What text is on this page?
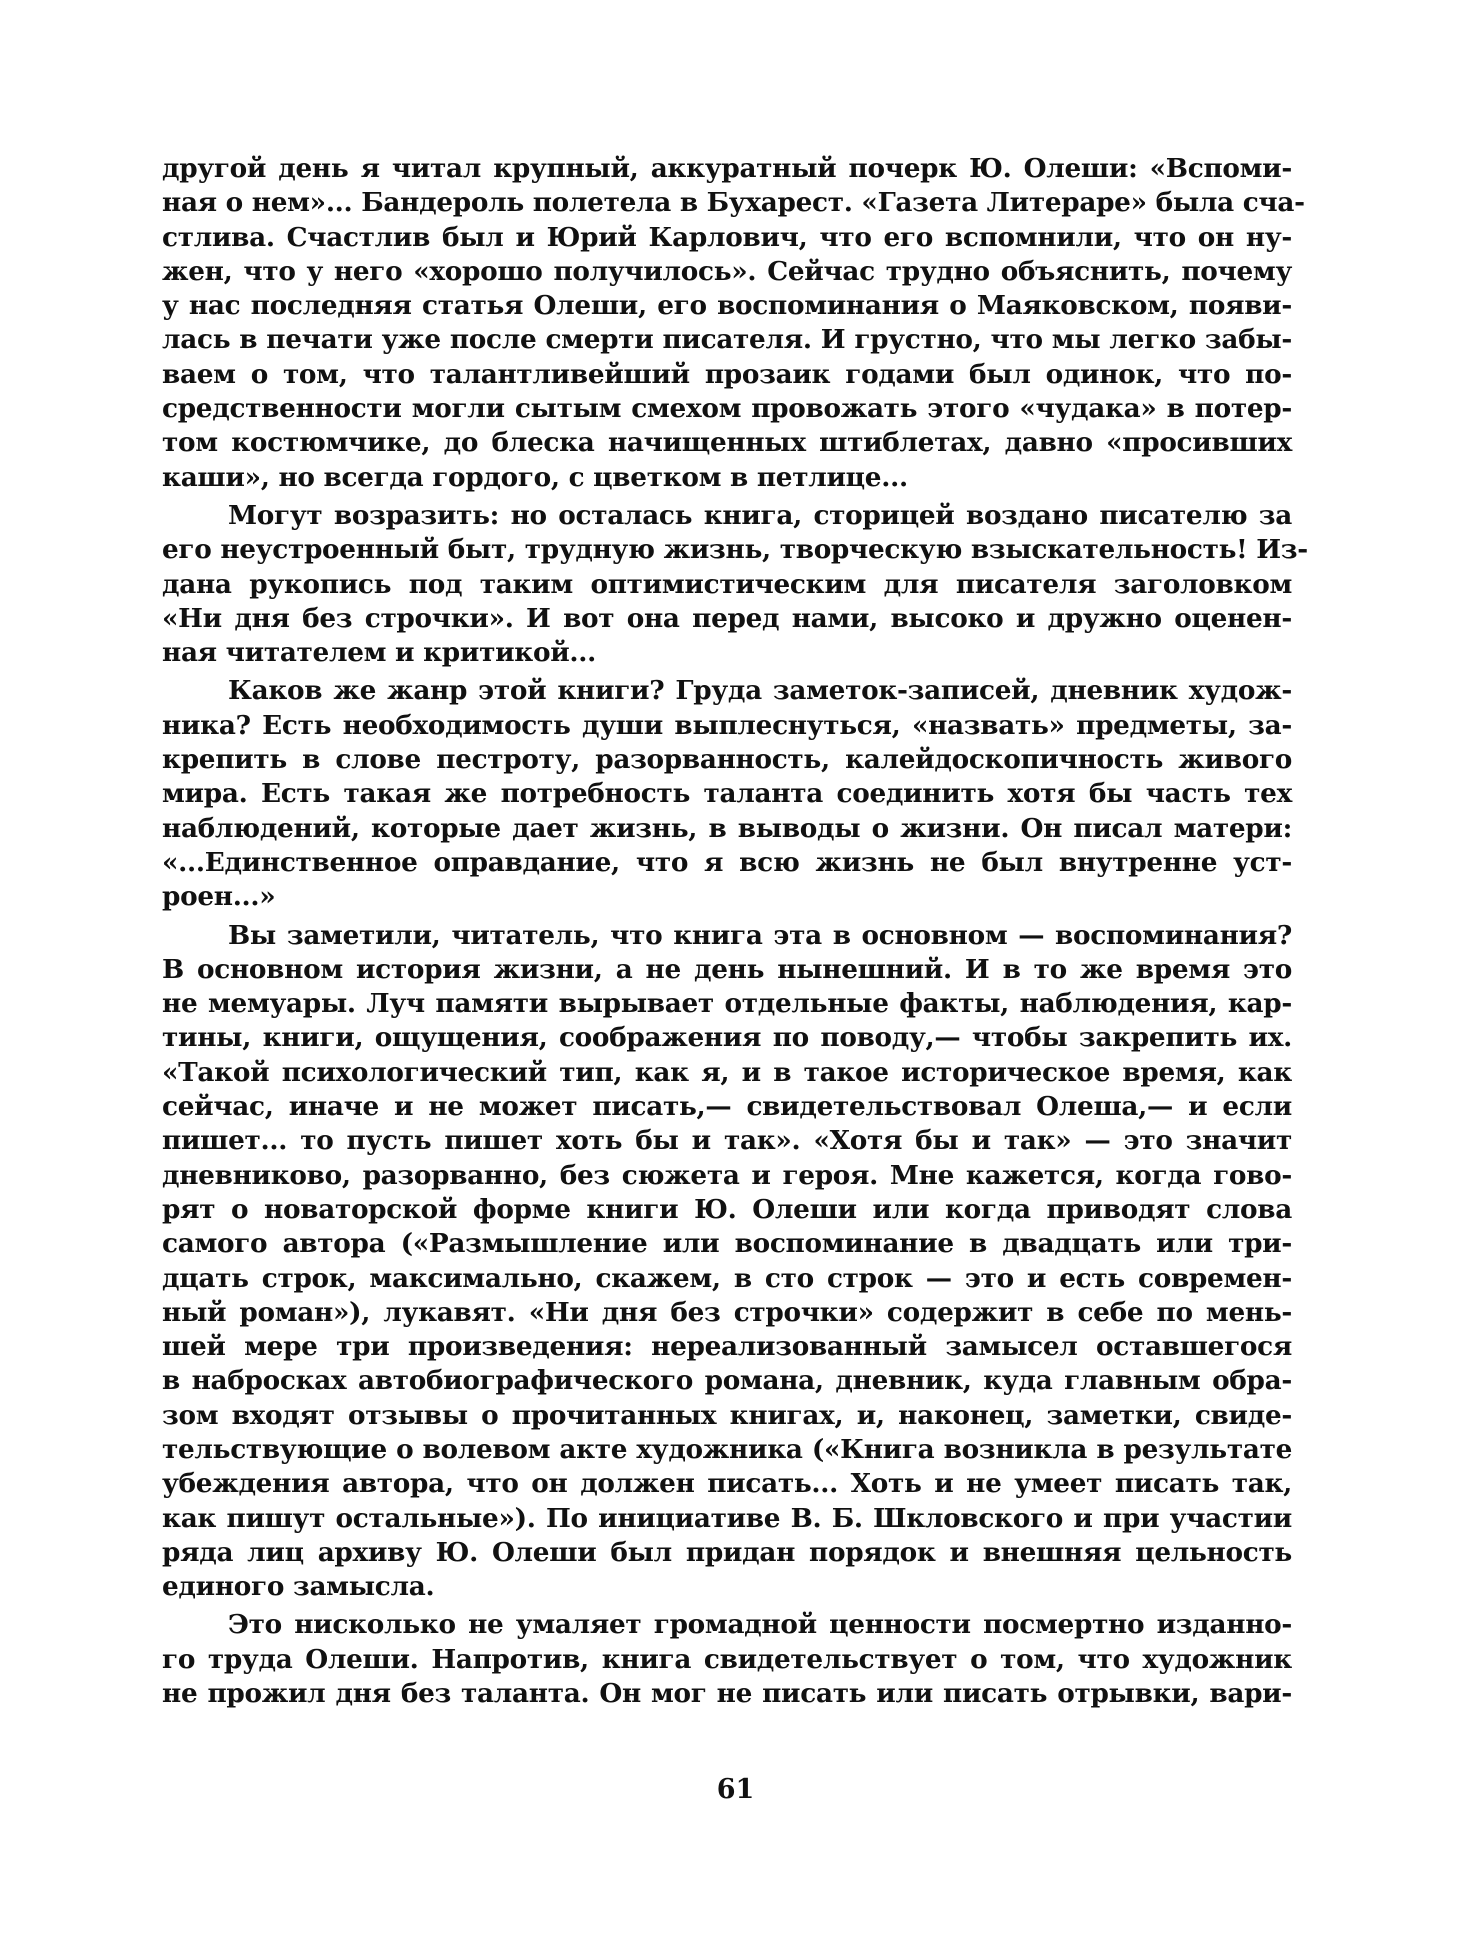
другой день я читал крупный, аккуратный почерк Ю. Олеши: «Вспоми-
ная о нем»... Бандероль полетела в Бухарест. «Газета Литераре» была сча-
стлива. Счастлив был и Юрий Карлович, что его вспомнили, что он ну-
жен, что у него «хорошо получилось». Сейчас трудно объяснить, почему
у нас последняя статья Олеши, его воспоминания о Маяковском, появи-
лась в печати уже после смерти писателя. И грустно, что мы легко забы-
ваем о том, что талантливейший прозаик годами был одинок, что по-
средственности могли сытым смехом провожать этого «чудака» в потер-
том костюмчике, до блеска начищенных штиблетах, давно «просивших
каши», но всегда гордого, с цветком в петлице...
Могут возразить: но осталась книга, сторицей воздано писателю за
его неустроенный быт, трудную жизнь, творческую взыскательность! Из-
дана рукопись под таким оптимистическим для писателя заголовком
«Ни дня без строчки». И вот она перед нами, высоко и дружно оценен-
ная читателем и критикой...
Каков же жанр этой книги? Груда заметок-записей, дневник худож-
ника? Есть необходимость души выплеснуться, «назвать» предметы, за-
крепить в слове пестроту, разорванность, калейдоскопичность живого
мира. Есть такая же потребность таланта соединить хотя бы часть тех
наблюдений, которые дает жизнь, в выводы о жизни. Он писал матери:
«...Единственное оправдание, что я всю жизнь не был внутренне уст-
роен...»
Вы заметили, читатель, что книга эта в основном — воспоминания?
В основном история жизни, а не день нынешний. И в то же время это
не мемуары. Луч памяти вырывает отдельные факты, наблюдения, кар-
тины, книги, ощущения, соображения по поводу,— чтобы закрепить их.
«Такой психологический тип, как я, и в такое историческое время, как
сейчас, иначе и не может писать,— свидетельствовал Олеша,— и если
пишет... то пусть пишет хоть бы и так». «Хотя бы и так» — это значит
дневниково, разорванно, без сюжета и героя. Мне кажется, когда гово-
рят о новаторской форме книги Ю. Олеши или когда приводят слова
самого автора («Размышление или воспоминание в двадцать или три-
дцать строк, максимально, скажем, в сто строк — это и есть современ-
ный роман»), лукавят. «Ни дня без строчки» содержит в себе по мень-
шей мере три произведения: нереализованный замысел оставшегося
в набросках автобиографического романа, дневник, куда главным обра-
зом входят отзывы о прочитанных книгах, и, наконец, заметки, свиде-
тельствующие о волевом акте художника («Книга возникла в результате
убеждения автора, что он должен писать... Хоть и не умеет писать так,
как пишут остальные»). По инициативе В. Б. Шкловского и при участии
ряда лиц архиву Ю. Олеши был придан порядок и внешняя цельность
единого замысла.
Это нисколько не умаляет громадной ценности посмертно изданно-
го труда Олеши. Напротив, книга свидетельствует о том, что художник
не прожил дня без таланта. Он мог не писать или писать отрывки, вари-
61
